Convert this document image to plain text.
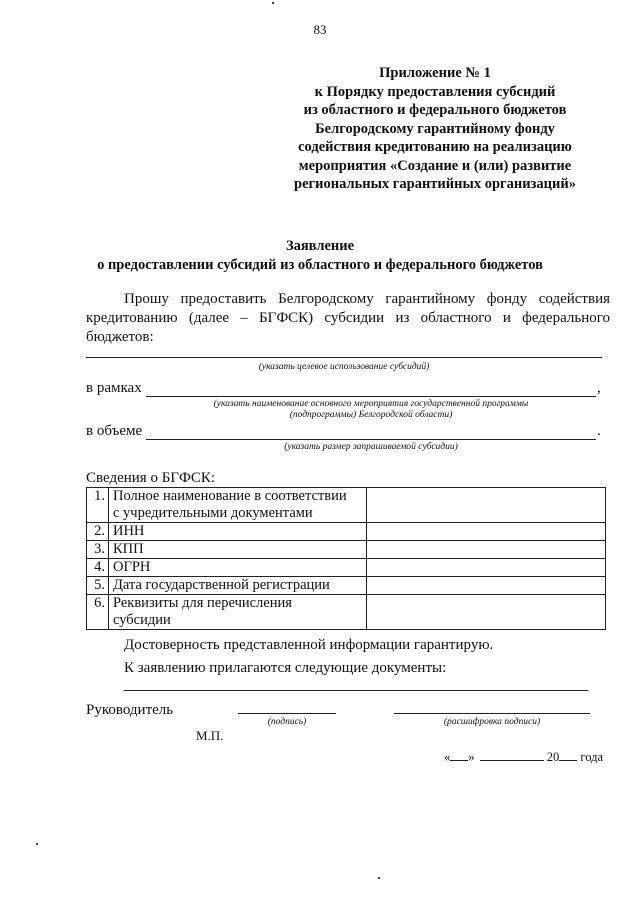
83
Приложение № 1
к Порядку предоставления субсидий
из областного и федерального бюджетов
Белгородскому гарантийному фонду
содействия кредитованию на реализацию
мероприятия «Создание и (или) развитие
региональных гарантийных организаций»
Заявление
о предоставлении субсидий из областного и федерального бюджетов
Прошу предоставить Белгородскому гарантийному фонду содействия кредитованию (далее – БГФСК) субсидии из областного и федерального бюджетов:
(указать целевое использование субсидий)
в рамках	,
(указать наименование основного мероприятия государственной программы
(подпрограммы) Белгородской области)
в объеме	.
(указать размер запрашиваемой субсидии)
Сведения о БГФСК:
1.	Полное наименование в соответствии
с учредительными документами	

2.	ИНН	

3.	КПП	

4.	ОГРН	

5.	Дата государственной регистрации	

6.	Реквизиты для перечисления
субсидии	

Достоверность представленной информации гарантирую.
К заявлению прилагаются следующие документы:
Руководитель
(подпись)	(расшифровка подписи)
М.П.
« »	20 года
